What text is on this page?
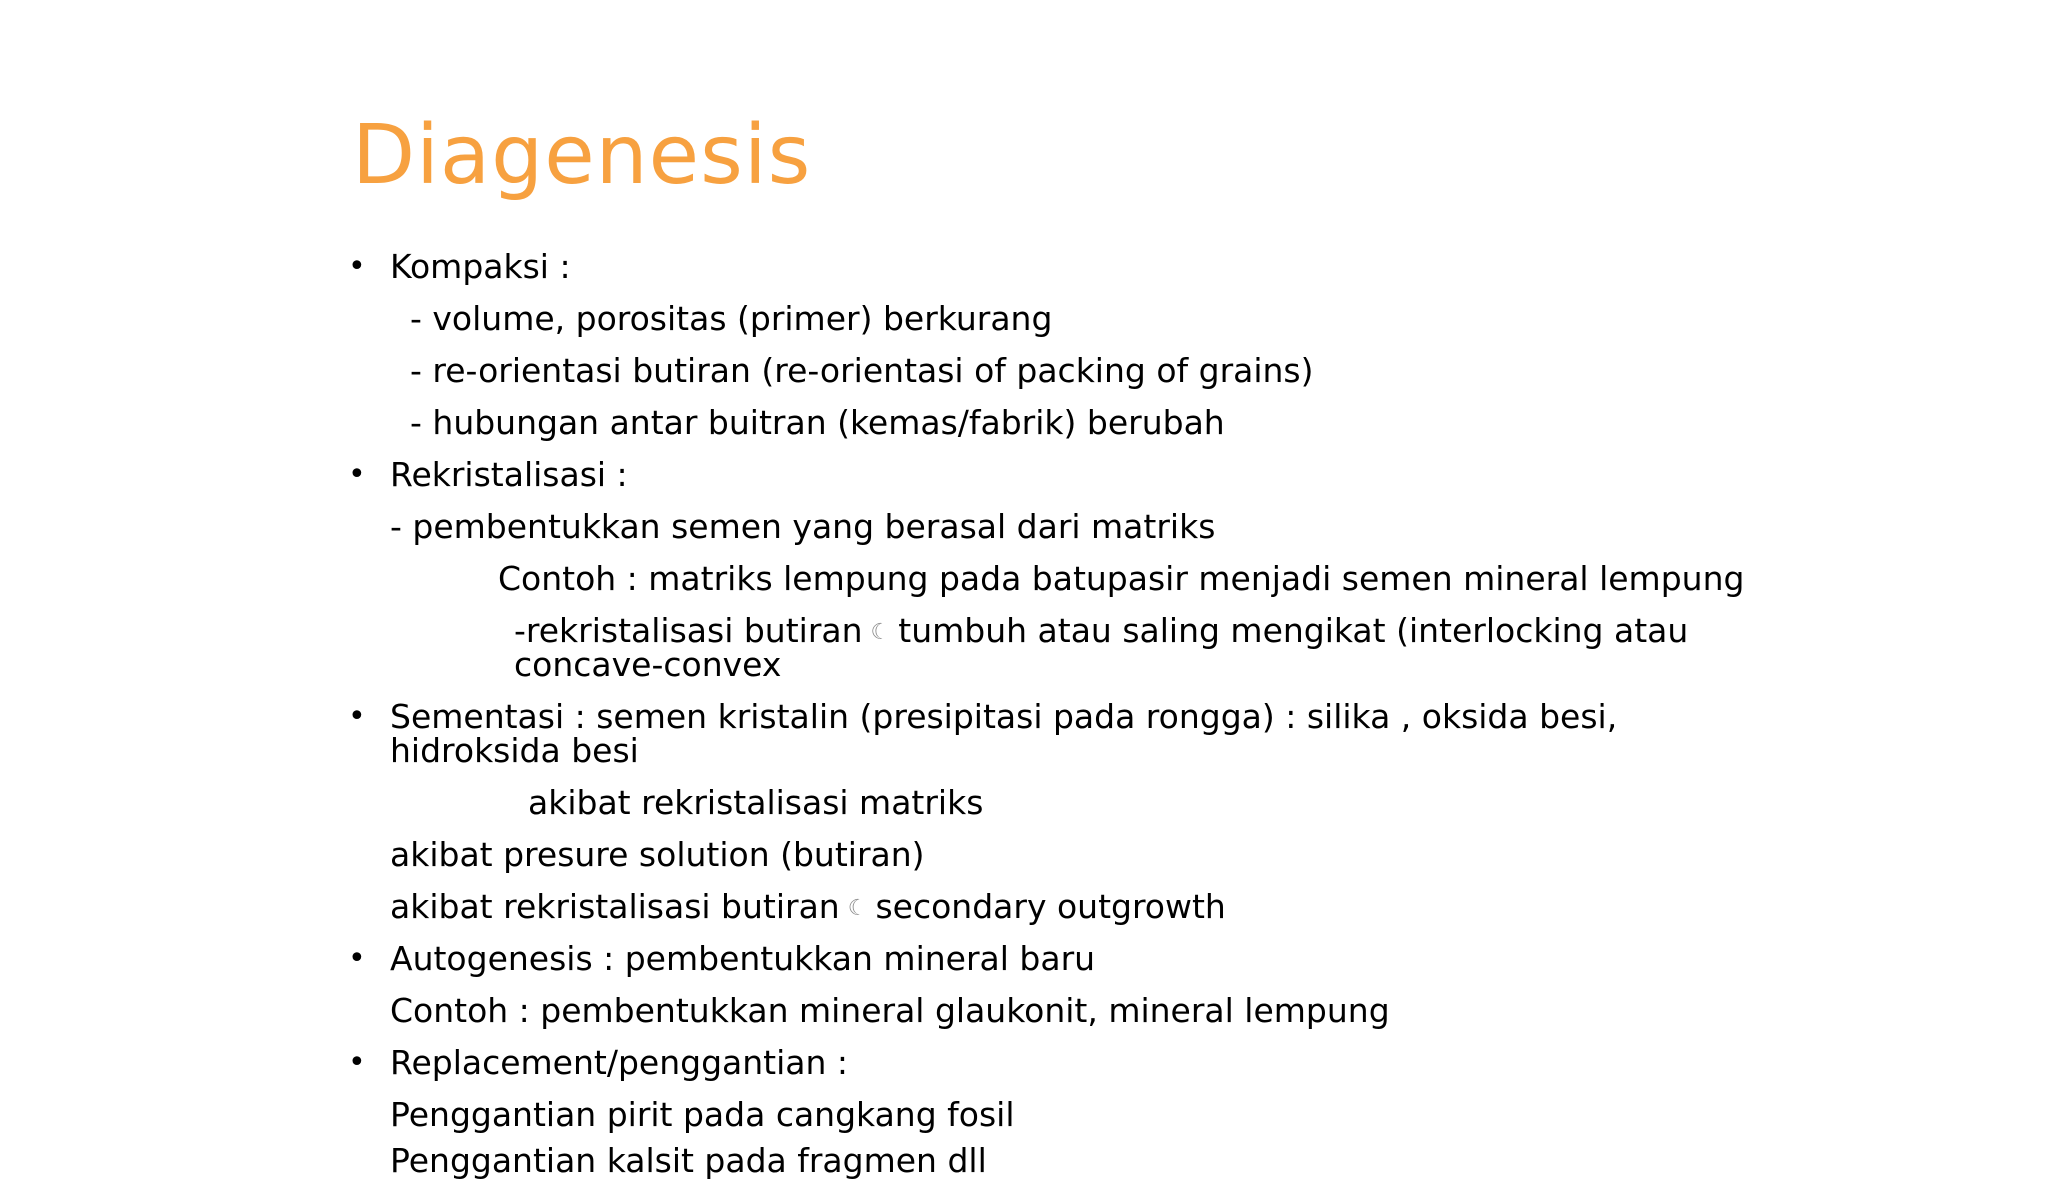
Diagenesis
• Kompaksi :
- volume, porositas (primer) berkurang
- re-orientasi butiran (re-orientasi of packing of grains)
- hubungan antar buitran (kemas/fabrik) berubah
• Rekristalisasi :
- pembentukkan semen yang berasal dari matriks
Contoh : matriks lempung pada batupasir menjadi semen mineral lempung
-rekristalisasi butiran ☾ tumbuh atau saling mengikat (interlocking atau
concave-convex
• Sementasi : semen kristalin (presipitasi pada rongga) : silika , oksida besi,
hidroksida besi
akibat rekristalisasi matriks
akibat presure solution (butiran)
akibat rekristalisasi butiran ☾ secondary outgrowth
• Autogenesis : pembentukkan mineral baru
Contoh : pembentukkan mineral glaukonit, mineral lempung
• Replacement/penggantian :
Penggantian pirit pada cangkang fosil
Penggantian kalsit pada fragmen dll
